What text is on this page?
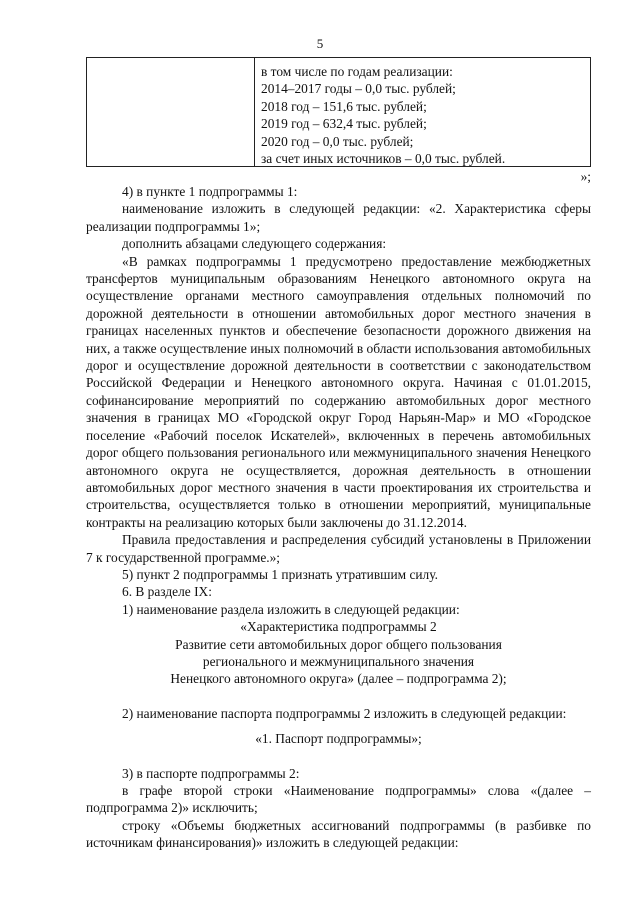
5
в том числе по годам реализации:
2014–2017 годы – 0,0 тыс. рублей;
2018 год – 151,6 тыс. рублей;
2019 год – 632,4 тыс. рублей;
2020 год – 0,0 тыс. рублей;
за счет иных источников – 0,0 тыс. рублей.
»;

4) в пункте 1 подпрограммы 1:

наименование изложить в следующей редакции: «2. Характеристика сферы реализации подпрограммы 1»;

дополнить абзацами следующего содержания:

«В рамках подпрограммы 1 предусмотрено предоставление межбюджетных трансфертов муниципальным образованиям Ненецкого автономного округа на осуществление органами местного самоуправления отдельных полномочий по дорожной деятельности в отношении автомобильных дорог местного значения в границах населенных пунктов и обеспечение безопасности дорожного движения на них, а также осуществление иных полномочий в области использования автомобильных дорог и осуществление дорожной деятельности в соответствии с законодательством Российской Федерации и Ненецкого автономного округа. Начиная с 01.01.2015, софинансирование мероприятий по содержанию автомобильных дорог местного значения в границах МО «Городской округ Город Нарьян-Мар» и МО «Городское поселение «Рабочий поселок Искателей», включенных в перечень автомобильных дорог общего пользования регионального или межмуниципального значения Ненецкого автономного округа не осуществляется, дорожная деятельность в отношении автомобильных дорог местного значения в части проектирования их строительства и строительства, осуществляется только в отношении мероприятий, муниципальные контракты на реализацию которых были заключены до 31.12.2014.

Правила предоставления и распределения субсидий установлены в Приложении 7 к государственной программе.»;

5) пункт 2 подпрограммы 1 признать утратившим силу.

6. В разделе IX:

1) наименование раздела изложить в следующей редакции:

«Характеристика подпрограммы 2

Развитие сети автомобильных дорог общего пользования

регионального и межмуниципального значения

Ненецкого автономного округа» (далее – подпрограмма 2);

2) наименование паспорта подпрограммы 2 изложить в следующей редакции:

«1. Паспорт подпрограммы»;

3) в паспорте подпрограммы 2:

в графе второй строки «Наименование подпрограммы» слова «(далее – подпрограмма 2)» исключить;

строку «Объемы бюджетных ассигнований подпрограммы (в разбивке по источникам финансирования)» изложить в следующей редакции:
